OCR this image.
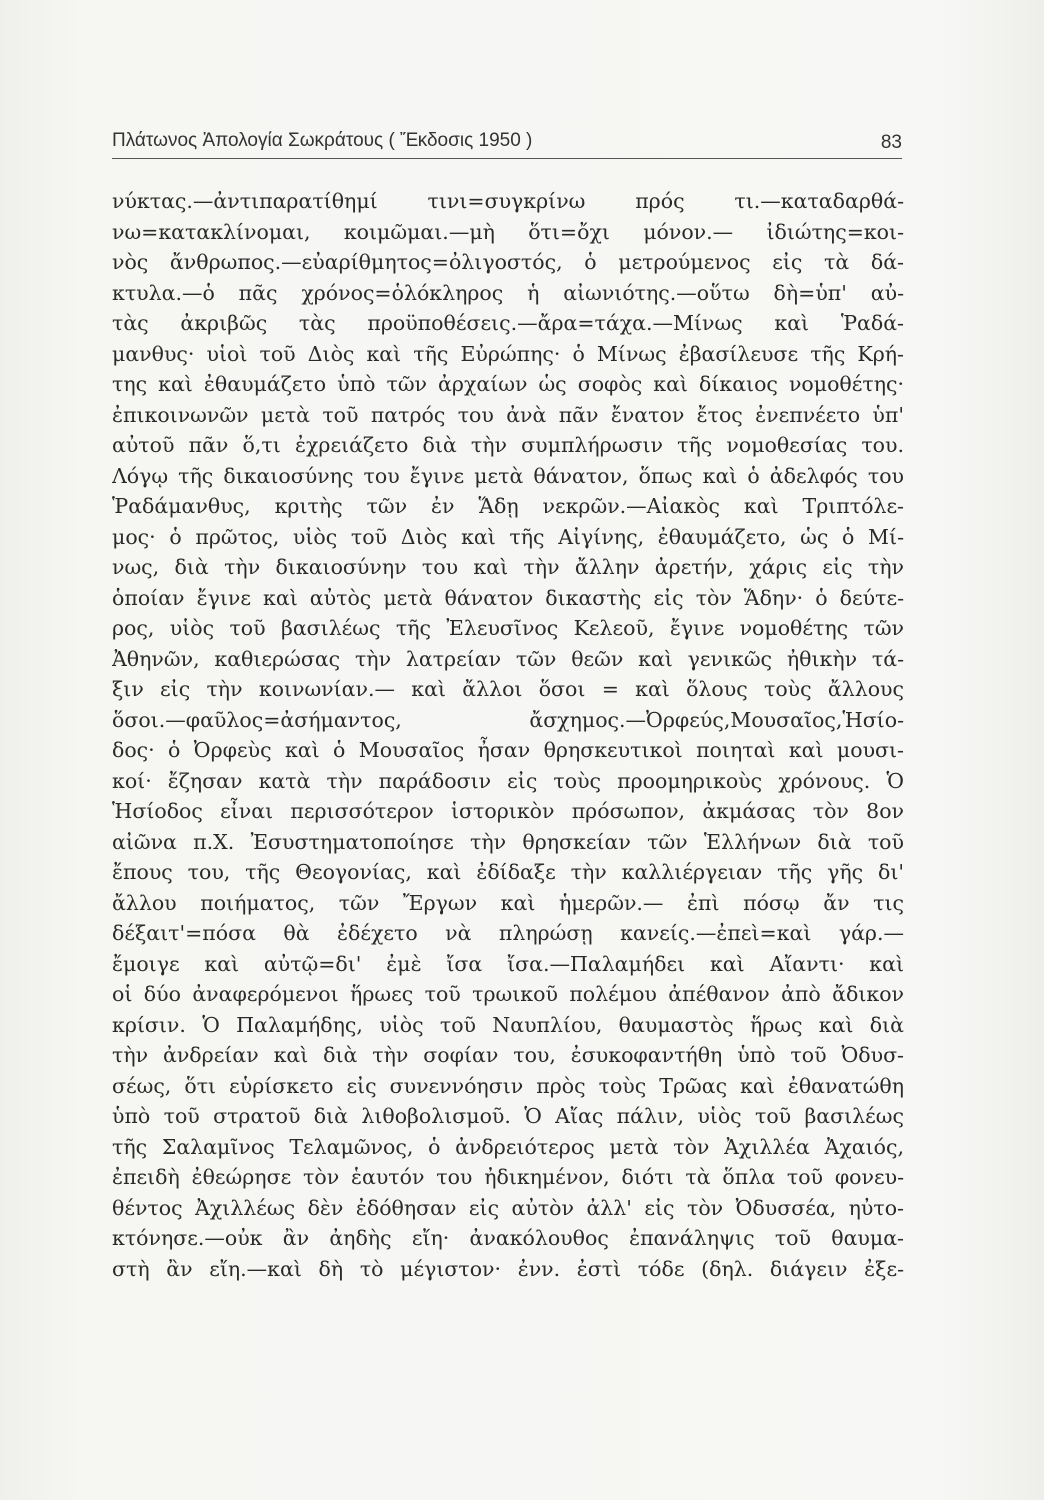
Πλάτωνος Ἀπολογία Σωκράτους ( Ἔκδοσις 1950 )	83
νύκτας.—ἀντιπαρατίθημί τινι=συγκρίνω πρός τι.—καταδαρθά-
νω=κατακλίνομαι, κοιμῶμαι.—μὴ ὅτι=ὄχι μόνον.— ἰδιώτης=κοι-
νὸς ἄνθρωπος.—εὐαρίθμητος=ὀλιγοστός, ὁ μετρούμενος εἰς τὰ δά-
κτυλα.—ὁ πᾶς χρόνος=ὁλόκληρος ἡ αἰωνιότης.—οὕτω δὴ=ὑπ' αὐ-
τὰς ἀκριβῶς τὰς προϋποθέσεις.—ἄρα=τάχα.—Μίνως καὶ Ῥαδά-
μανθυς· υἱοὶ τοῦ Διὸς καὶ τῆς Εὐρώπης· ὁ Μίνως ἐβασίλευσε τῆς Κρή-
της καὶ ἐθαυμάζετο ὑπὸ τῶν ἀρχαίων ὡς σοφὸς καὶ δίκαιος νομοθέτης·
ἐπικοινωνῶν μετὰ τοῦ πατρός του ἀνὰ πᾶν ἔνατον ἔτος ἐνεπνέετο ὑπ'
αὐτοῦ πᾶν ὅ,τι ἐχρειάζετο διὰ τὴν συμπλήρωσιν τῆς νομοθεσίας του.
Λόγῳ τῆς δικαιοσύνης του ἔγινε μετὰ θάνατον, ὅπως καὶ ὁ ἀδελφός του
Ῥαδάμανθυς, κριτὴς τῶν ἐν Ἅδῃ νεκρῶν.—Αἰακὸς καὶ Τριπτόλε-
μος· ὁ πρῶτος, υἱὸς τοῦ Διὸς καὶ τῆς Αἰγίνης, ἐθαυμάζετο, ὡς ὁ Μί-
νως, διὰ τὴν δικαιοσύνην του καὶ τὴν ἄλλην ἀρετήν, χάρις εἰς τὴν
ὁποίαν ἔγινε καὶ αὐτὸς μετὰ θάνατον δικαστὴς εἰς τὸν Ἅδην· ὁ δεύτε-
ρος, υἱὸς τοῦ βασιλέως τῆς Ἐλευσῖνος Κελεοῦ, ἔγινε νομοθέτης τῶν
Ἀθηνῶν, καθιερώσας τὴν λατρείαν τῶν θεῶν καὶ γενικῶς ἠθικὴν τά-
ξιν εἰς τὴν κοινωνίαν.— καὶ ἄλλοι ὅσοι = καὶ ὅλους τοὺς ἄλλους
ὅσοι.—φαῦλος=ἀσήμαντος, ἄσχημος.—Ὀρφεύς,Μουσαῖος,Ἡσίο-
δος· ὁ Ὀρφεὺς καὶ ὁ Μουσαῖος ἦσαν θρησκευτικοὶ ποιηταὶ καὶ μουσι-
κοί· ἔζησαν κατὰ τὴν παράδοσιν εἰς τοὺς προομηρικοὺς χρόνους. Ὁ
Ἡσίοδος εἶναι περισσότερον ἱστορικὸν πρόσωπον, ἀκμάσας τὸν 8ον
αἰῶνα π.Χ. Ἐσυστηματοποίησε τὴν θρησκείαν τῶν Ἑλλήνων διὰ τοῦ
ἔπους του, τῆς Θεογονίας, καὶ ἐδίδαξε τὴν καλλιέργειαν τῆς γῆς δι'
ἄλλου ποιήματος, τῶν Ἔργων καὶ ἡμερῶν.— ἐπὶ πόσῳ ἄν τις
δέξαιτ'=πόσα θὰ ἐδέχετο νὰ πληρώσῃ κανείς.—ἐπεὶ=καὶ γάρ.—
ἔμοιγε καὶ αὐτῷ=δι' ἐμὲ ἴσα ἴσα.—Παλαμήδει καὶ Αἴαντι· καὶ
οἱ δύο ἀναφερόμενοι ἥρωες τοῦ τρωικοῦ πολέμου ἀπέθανον ἀπὸ ἄδικον
κρίσιν. Ὁ Παλαμήδης, υἱὸς τοῦ Ναυπλίου, θαυμαστὸς ἥρως καὶ διὰ
τὴν ἀνδρείαν καὶ διὰ τὴν σοφίαν του, ἐσυκοφαντήθη ὑπὸ τοῦ Ὀδυσ-
σέως, ὅτι εὑρίσκετο εἰς συνεννόησιν πρὸς τοὺς Τρῶας καὶ ἐθανατώθη
ὑπὸ τοῦ στρατοῦ διὰ λιθοβολισμοῦ. Ὁ Αἴας πάλιν, υἱὸς τοῦ βασιλέως
τῆς Σαλαμῖνος Τελαμῶνος, ὁ ἀνδρειότερος μετὰ τὸν Ἀχιλλέα Ἀχαιός,
ἐπειδὴ ἐθεώρησε τὸν ἑαυτόν του ἠδικημένον, διότι τὰ ὅπλα τοῦ φονευ-
θέντος Ἀχιλλέως δὲν ἐδόθησαν εἰς αὐτὸν ἀλλ' εἰς τὸν Ὀδυσσέα, ηὐτο-
κτόνησε.—οὐκ ἂν ἀηδὴς εἴη· ἀνακόλουθος ἐπανάληψις τοῦ θαυμα-
στὴ ἂν εἴη.—καὶ δὴ τὸ μέγιστον· ἐνν. ἐστὶ τόδε (δηλ. διάγειν ἐξε-
